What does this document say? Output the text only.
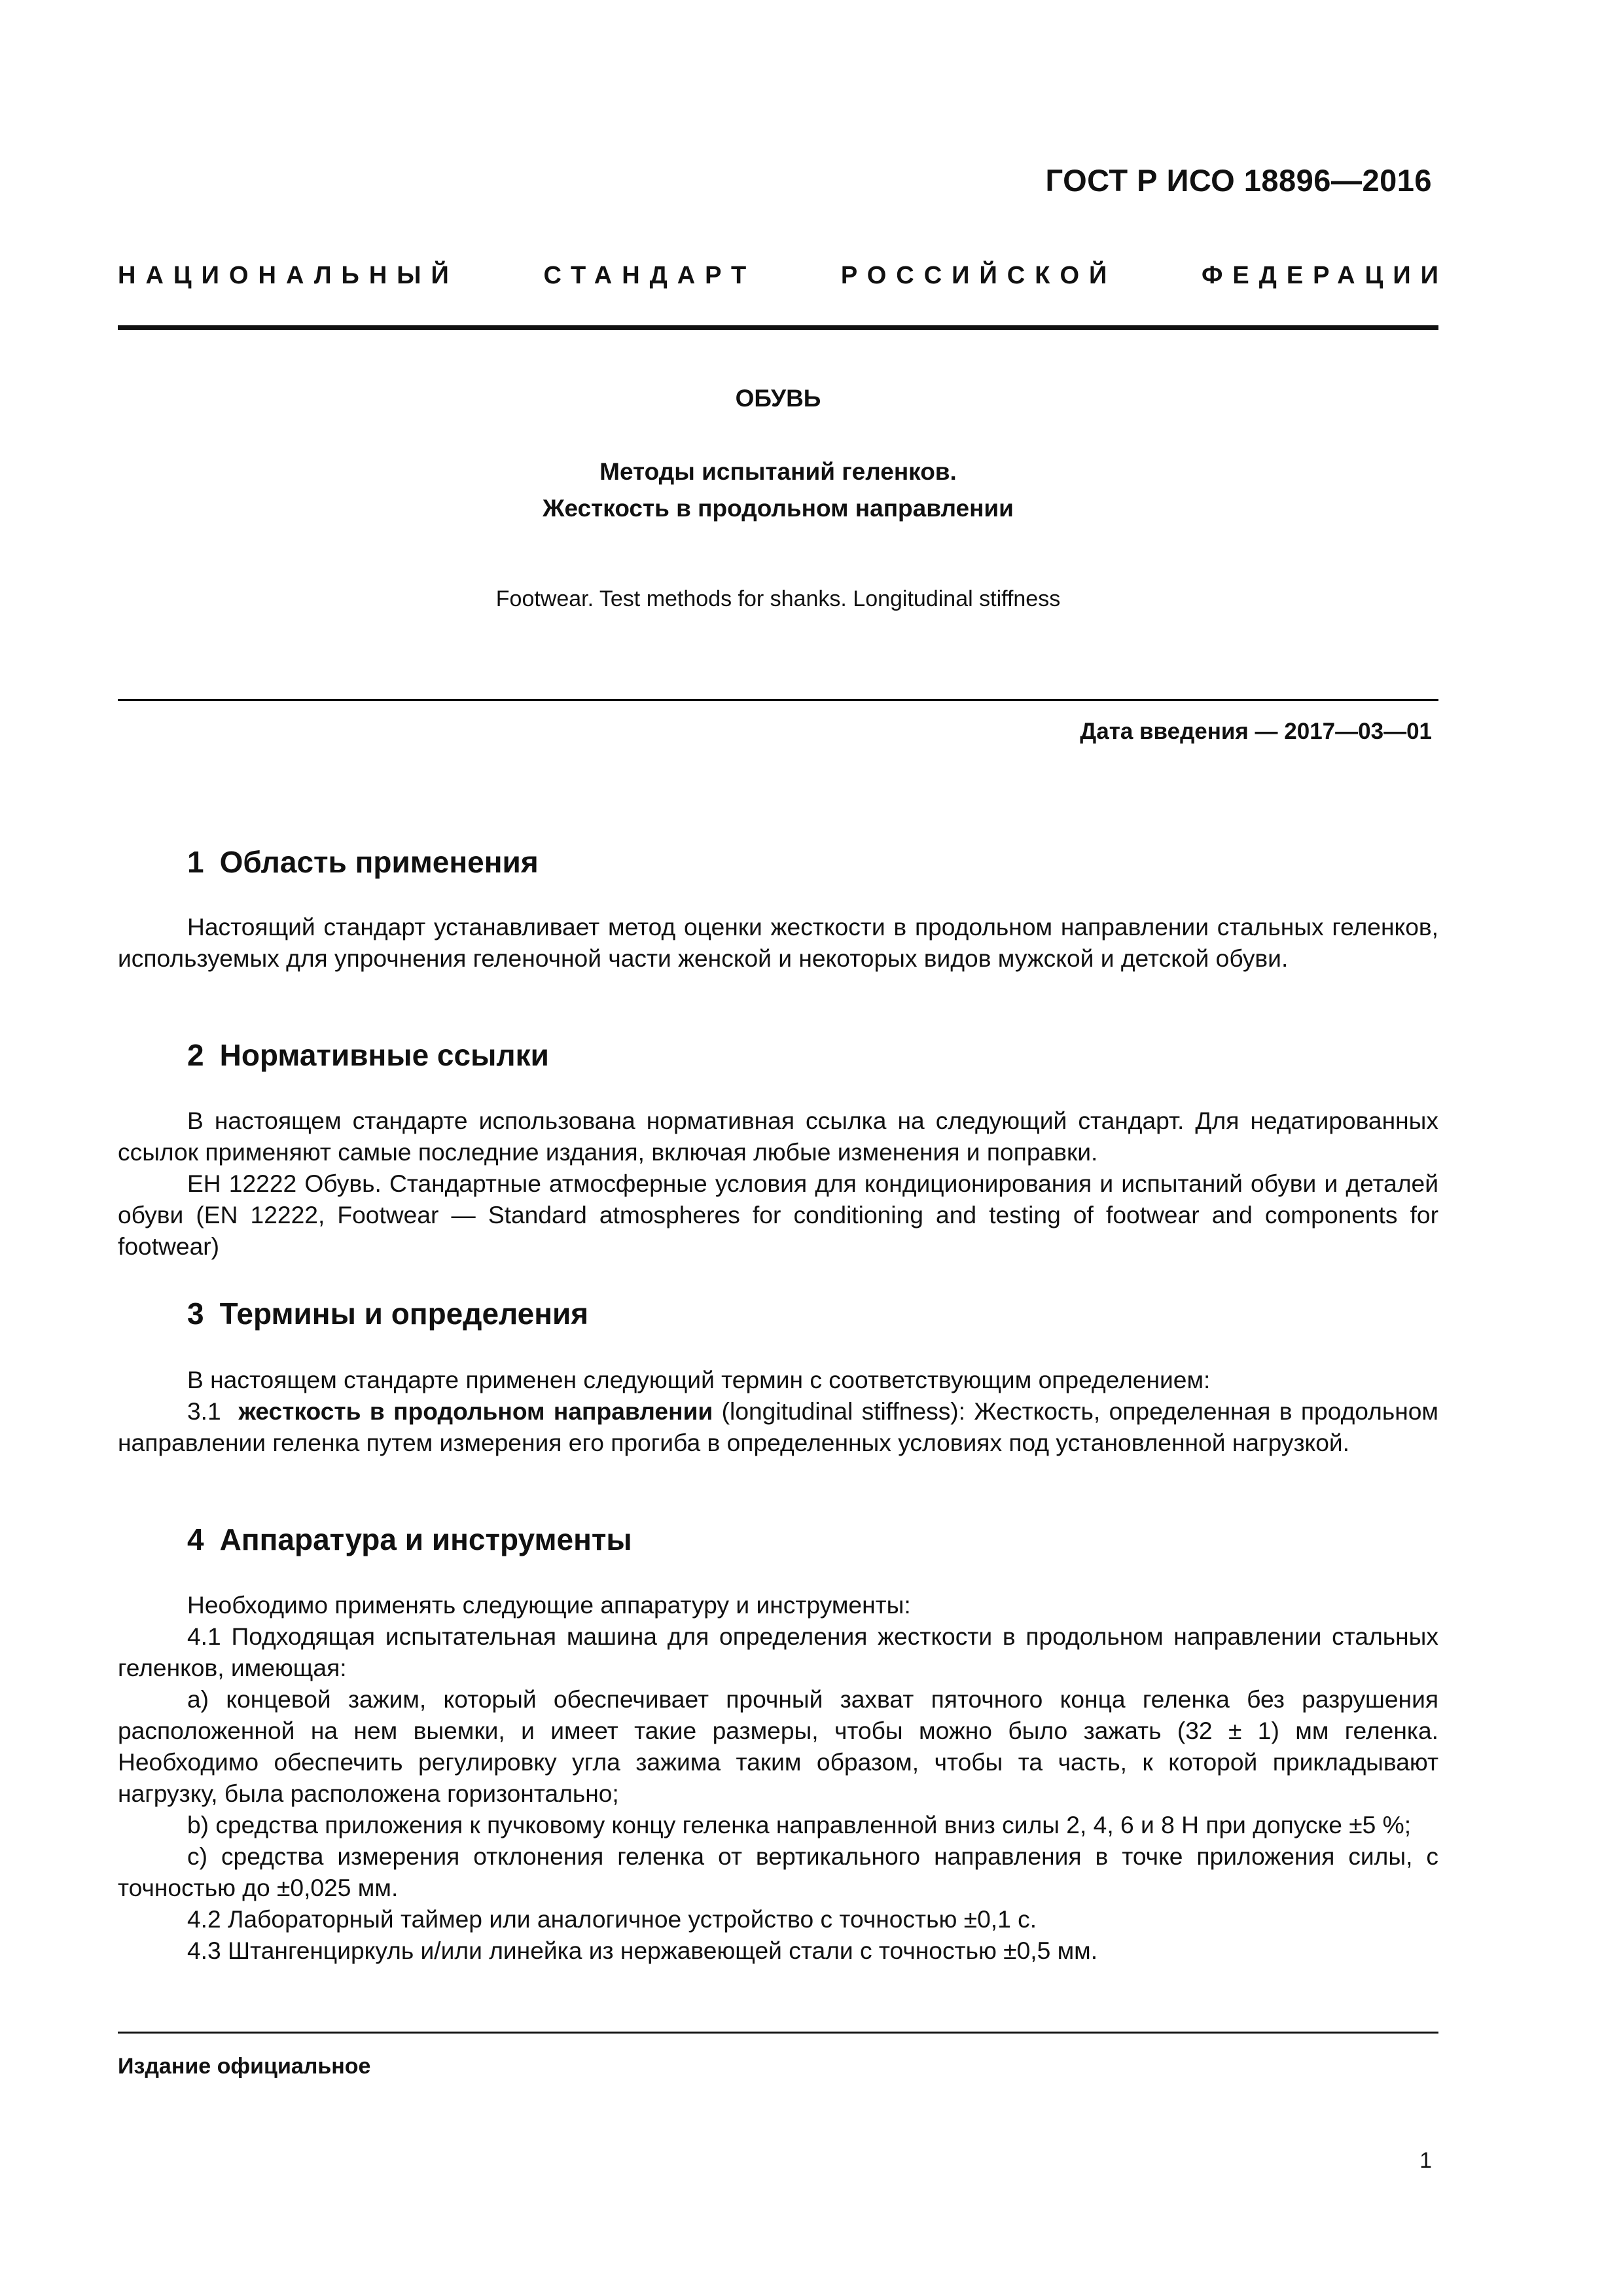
ГОСТ Р ИСО 18896—2016
НАЦИОНАЛЬНЫЙ	СТАНДАРТ	РОССИЙСКОЙ	ФЕДЕРАЦИИ
ОБУВЬ
Методы испытаний геленков.
Жесткость в продольном направлении
Footwear. Test methods for shanks. Longitudinal stiffness
Дата введения — 2017—03—01
1 Область применения

Настоящий стандарт устанавливает метод оценки жесткости в продольном направлении стальных геленков, используемых для упрочнения геленочной части женской и некоторых видов мужской и детской обуви.

2 Нормативные ссылки

В настоящем стандарте использована нормативная ссылка на следующий стандарт. Для недатированных ссылок применяют самые последние издания, включая любые изменения и поправки.

ЕН 12222 Обувь. Стандартные атмосферные условия для кондиционирования и испытаний обуви и деталей обуви (EN 12222, Footwear — Standard atmospheres for conditioning and testing of footwear and components for footwear)

3 Термины и определения

В настоящем стандарте применен следующий термин с соответствующим определением:

3.1 жесткость в продольном направлении (longitudinal stiffness): Жесткость, определенная в продольном направлении геленка путем измерения его прогиба в определенных условиях под установленной нагрузкой.

4 Аппаратура и инструменты

Необходимо применять следующие аппаратуру и инструменты:

4.1 Подходящая испытательная машина для определения жесткости в продольном направлении стальных геленков, имеющая:

а) концевой зажим, который обеспечивает прочный захват пяточного конца геленка без разрушения расположенной на нем выемки, и имеет такие размеры, чтобы можно было зажать (32 ± 1) мм геленка. Необходимо обеспечить регулировку угла зажима таким образом, чтобы та часть, к которой прикладывают нагрузку, была расположена горизонтально;

b) средства приложения к пучковому концу геленка направленной вниз силы 2, 4, 6 и 8 Н при допуске ±5 %;

с) средства измерения отклонения геленка от вертикального направления в точке приложения силы, с точностью до ±0,025 мм.

4.2 Лабораторный таймер или аналогичное устройство с точностью ±0,1 с.

4.3 Штангенциркуль и/или линейка из нержавеющей стали с точностью ±0,5 мм.

Издание официальное
1
